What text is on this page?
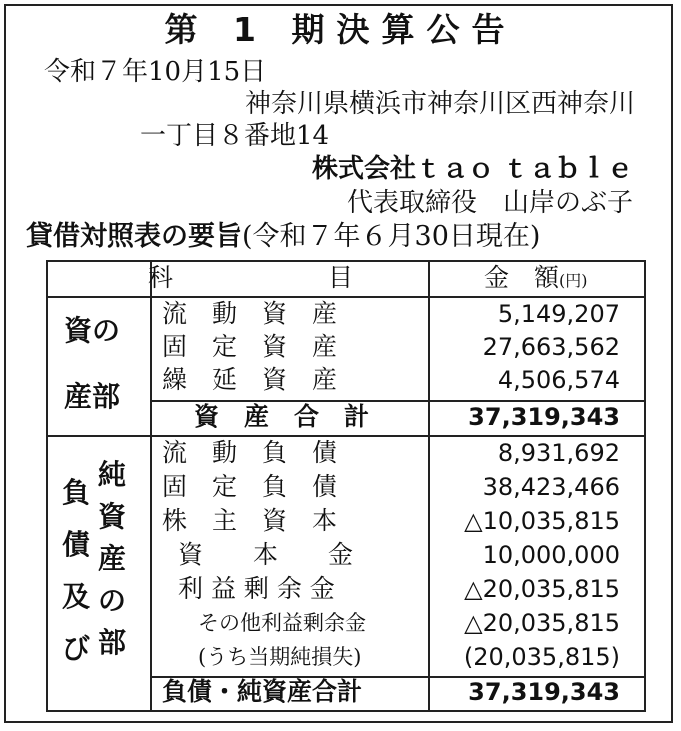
第 1 期決算公告
令和７年10月15日
神奈川県横浜市神奈川区西神奈川
一丁目８番地14
株式会社ｔａｏ ｔａｂｌｅ
代表取締役　山岸のぶ子
貸借対照表の要旨(令和７年６月30日現在)
科	目	金　額(円)
資の
産部
流　動　資　産	5,149,207
固　定　資　産	27,663,562
繰　延　資　産	4,506,574
資　産　合　計	37,319,343
負
債
及
び
純
資
産
の
部
流　動　負　債	8,931,692
固　定　負　債	38,423,466
株　主　資　本	△10,035,815
資　　本　　金	10,000,000
利 益 剰 余 金	△20,035,815
その他利益剰余金	△20,035,815
(うち当期純損失)	(20,035,815)
負債・純資産合計	37,319,343
